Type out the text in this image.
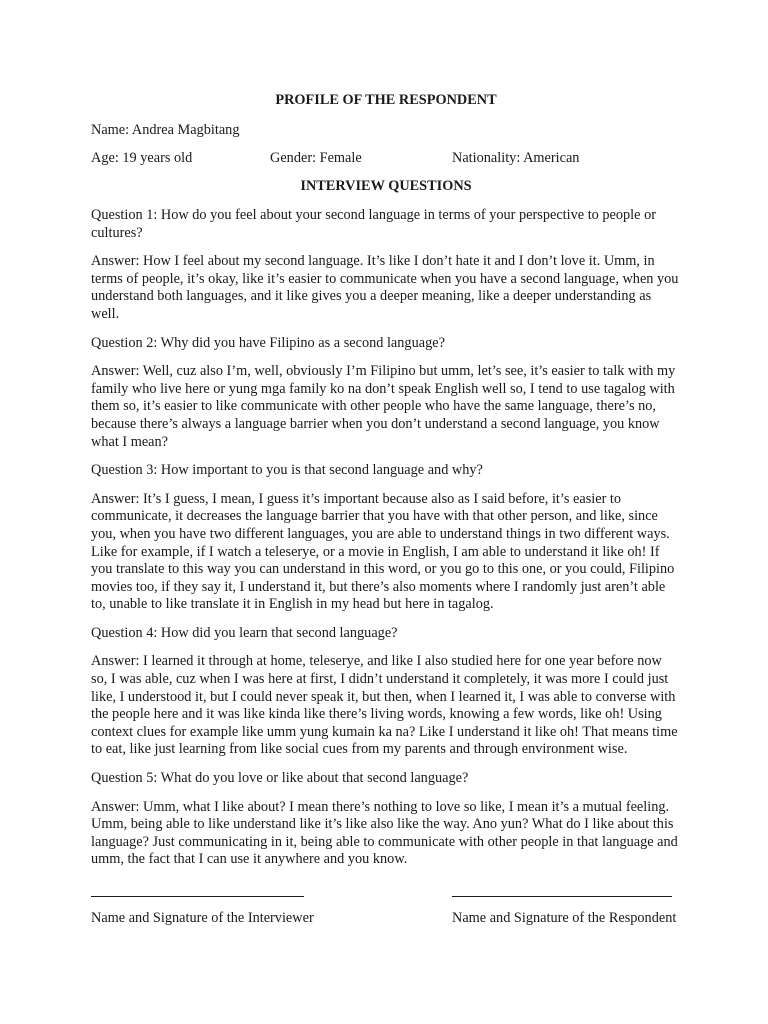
PROFILE OF THE RESPONDENT
Name: Andrea Magbitang
Age: 19 years old	Gender: Female	Nationality: American
INTERVIEW QUESTIONS

Question 1: How do you feel about your second language in terms of your perspective to people or cultures?

Answer: How I feel about my second language. It’s like I don’t hate it and I don’t love it. Umm, in terms of people, it’s okay, like it’s easier to communicate when you have a second language, when you understand both languages, and it like gives you a deeper meaning, like a deeper understanding as well.

Question 2: Why did you have Filipino as a second language?

Answer: Well, cuz also I’m, well, obviously I’m Filipino but umm, let’s see, it’s easier to talk with my family who live here or yung mga family ko na don’t speak English well so, I tend to use tagalog with them so, it’s easier to like communicate with other people who have the same language, there’s no, because there’s always a language barrier when you don’t understand a second language, you know what I mean?

Question 3: How important to you is that second language and why?

Answer: It’s I guess, I mean, I guess it’s important because also as I said before, it’s easier to communicate, it decreases the language barrier that you have with that other person, and like, since you, when you have two different languages, you are able to understand things in two different ways. Like for example, if I watch a teleserye, or a movie in English, I am able to understand it like oh! If you translate to this way you can understand in this word, or you go to this one, or you could, Filipino movies too, if they say it, I understand it, but there’s also moments where I randomly just aren’t able to, unable to like translate it in English in my head but here in tagalog.

Question 4: How did you learn that second language?

Answer: I learned it through at home, teleserye, and like I also studied here for one year before now so, I was able, cuz when I was here at first, I didn’t understand it completely, it was more I could just like, I understood it, but I could never speak it, but then, when I learned it, I was able to converse with the people here and it was like kinda like there’s living words, knowing a few words, like oh! Using context clues for example like umm yung kumain ka na? Like I understand it like oh! That means time to eat, like just learning from like social cues from my parents and through environment wise.

Question 5: What do you love or like about that second language?

Answer: Umm, what I like about? I mean there’s nothing to love so like, I mean it’s a mutual feeling. Umm, being able to like understand like it’s like also like the way. Ano yun? What do I like about this language? Just communicating in it, being able to communicate with other people in that language and umm, the fact that I can use it anywhere and you know.

Name and Signature of the Interviewer	Name and Signature of the Respondent
